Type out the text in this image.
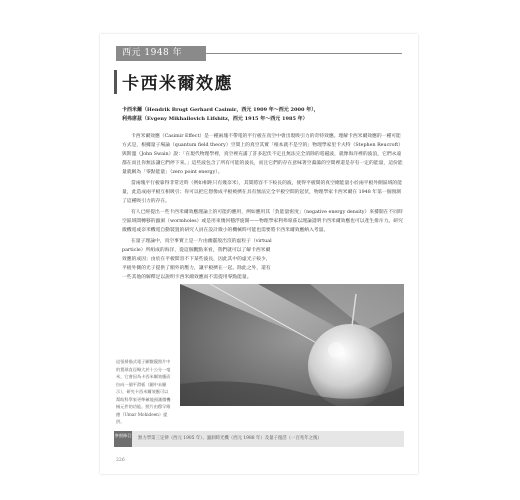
西元 1948 年
卡西米爾效應
卡西米爾（Hendrik Brugt Gerhard Casimir，西元 1909 年～西元 2000 年），
利弗席茲（Evgeny Mikhailovich Lifshitz，西元 1915 年～西元 1985 年）

卡西米爾效應（Casimir Effect）是一種兩塊不帶電的平行板在真空中會出現吸引力的奇特效應。理解卡西米爾效應的一種可能方式是，根據量子場論（quantum field theory）空間上的真空其實「根本就不是空的」物理學家里卡夫特（Stephen Reucroft）與斯溫（John Swain）說：「在現代物理學裡，真空裡充滿了許多起伏不定且無法完全消除的電磁波，就像海洋裡的波浪，它們永遠都在而且你無法讓它們停下來。」這些波包含了所有可能的波長，而且它們的存在意味著空蕩蕩的空間裡還是存有一定的能量，這份能量就稱為「零點能量」（zero point energy）。

當兩塊平行板靠得非常近時（例如相距只有幾奈米），其間將容不下較長的波，使得平板間的真空總能量小於兩平板外側區域的能量，此造成兩平板互相吸引；你可以把它想像成平板被擠在具有無法完全平板空間的起伏，物理學家卡西米爾在 1948 年第一個預測了這種吸引力的存在。

有人已經提出一些卡西米爾效應理論上的可能的應用，例如應用其「負能量密度」（negative energy density）來撐開在不同時空區域間轉移的蟲洞（wormholes）或是用來幾何穩浮旋開——物理學家利弗席茲以理論證明卡西米爾效應也可以產生排斥力。研究微機電或奈米機電自動裝置的研究人員在設計微小的機械時可能也需要將卡西米爾效應納入考量。

在量子理論中，真空事實上是一片由幽靈般出沒的虛粒子（virtual particle）所組成的海洋，從這個觀點來看，我們就可以了解卡西米爾效應的成因；由於在平板間容不下某些波長，因此其中的虛光子較少，平板外側的光子提供了額外的壓力，讓平板擠在一起。除此之外，還有一些其他的解釋足以說明卡西米爾效應而不需提用零點能量。

這張掃描式電子顯微鏡照片中的寬球直徑略大於十公分一毫米，它會因為卡西米爾效應而拉向一個平滑板（圖中未顯示），研究卡西米爾效應可以幫助科學家更準確地預測微機械元件的功能。照片由穆罕維德（Umar Mohideen）提供。
參照條目
無力學第三定律（西元 1905 年）、蟲洞時光機（西元 1988 年）及量子復活（一百兆年之後）
226
